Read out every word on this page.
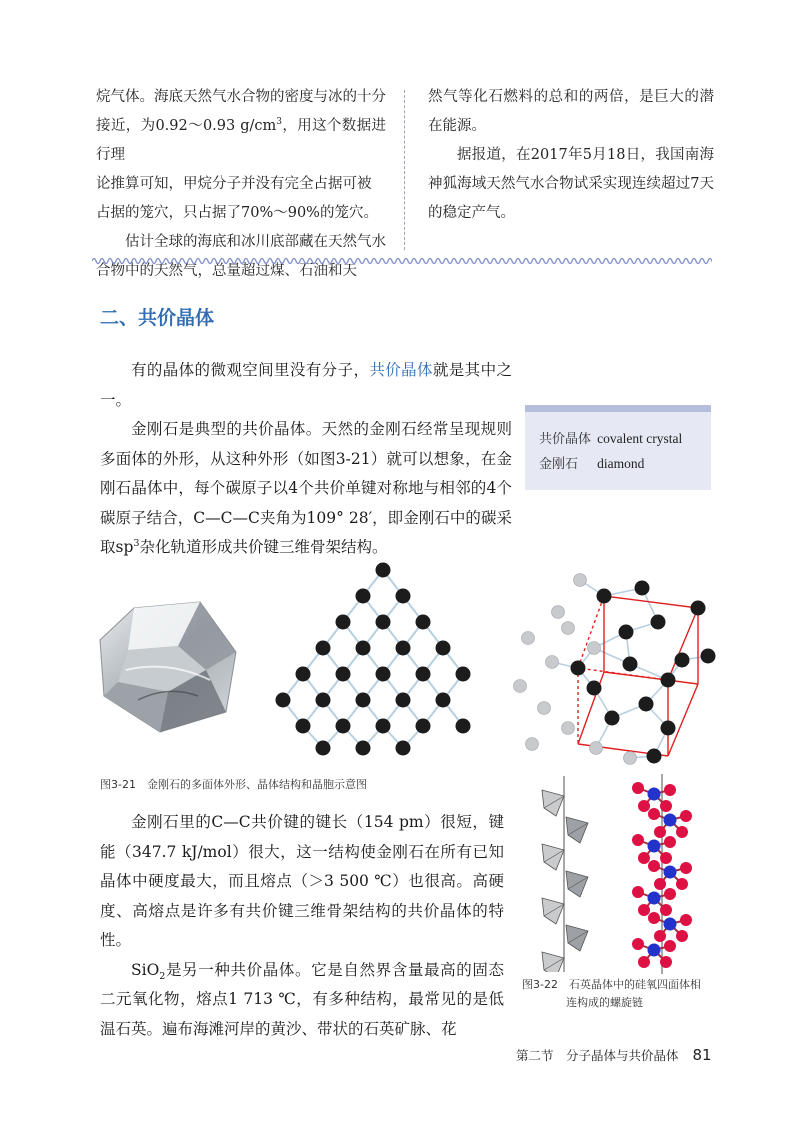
烷气体。海底天然气水合物的密度与冰的十分

接近，为0.92～0.93 $g/cm^3$，用这个数据进行理

论推算可知，甲烷分子并没有完全占据可被

占据的笼穴，只占据了70%～90%的笼穴。

估计全球的海底和冰川底部藏在天然气水合物中的天然气，总量超过煤、石油和天

然气等化石燃料的总和的两倍，是巨大的潜在能源。

据报道，在2017年5月18日，我国南海神狐海域天然气水合物试采实现连续超过7天的稳定产气。

二、共价晶体

有的晶体的微观空间里没有分子，共价晶体就是其中之一。

金刚石是典型的共价晶体。天然的金刚石经常呈现规则多面体的外形，从这种外形（如图3-21）就可以想象，在金刚石晶体中，每个碳原子以4个共价单键对称地与相邻的4个碳原子结合，C—C—C夹角为109° 28′，即金刚石中的碳采取$sp^3$杂化轨道形成共价键三维骨架结构。

共价晶体 covalent crystal
金刚石 diamond
图3-21　金刚石的多面体外形、晶体结构和晶胞示意图

金刚石里的C—C共价键的键长（154 pm）很短，键能（347.7 kJ/mol）很大，这一结构使金刚石在所有已知晶体中硬度最大，而且熔点（＞3 500 ℃）也很高。高硬度、高熔点是许多有共价键三维骨架结构的共价晶体的特性。

SiO$_2$是另一种共价晶体。它是自然界含量最高的固态二元氧化物，熔点1 713 ℃，有多种结构，最常见的是低温石英。遍布海滩河岸的黄沙、带状的石英矿脉、花

图3-22　石英晶体中的硅氧四面体相
连构成的螺旋链
第二节　分子晶体与共价晶体 81
